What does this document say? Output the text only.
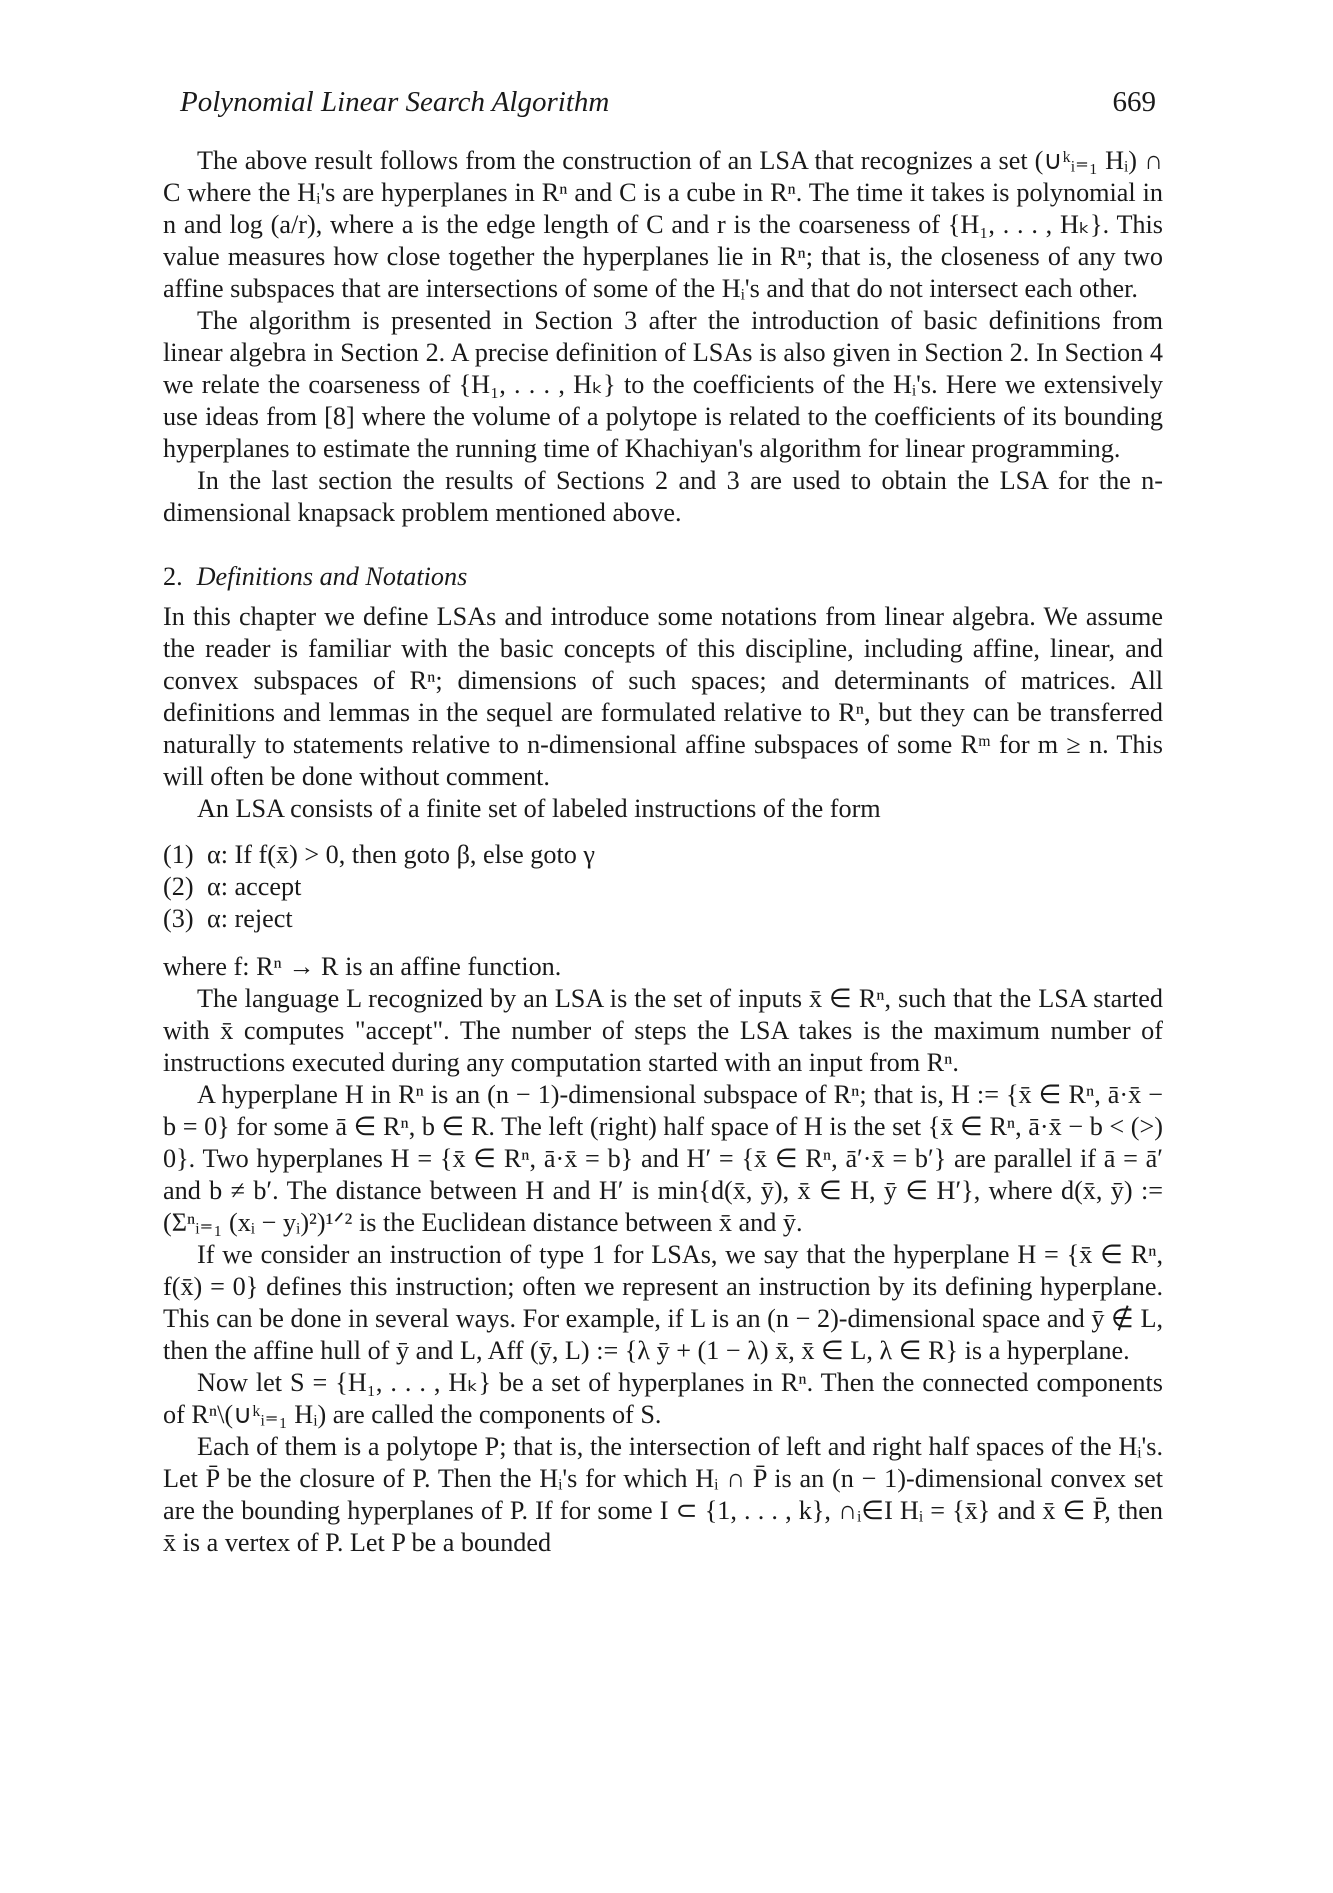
Polynomial Linear Search Algorithm	669

The above result follows from the construction of an LSA that recognizes a set (∪ᵏᵢ₌₁ Hᵢ) ∩ C where the Hᵢ's are hyperplanes in Rⁿ and C is a cube in Rⁿ. The time it takes is polynomial in n and log (a/r), where a is the edge length of C and r is the coarseness of {H₁, . . . , Hₖ}. This value measures how close together the hyperplanes lie in Rⁿ; that is, the closeness of any two affine subspaces that are intersections of some of the Hᵢ's and that do not intersect each other.

The algorithm is presented in Section 3 after the introduction of basic definitions from linear algebra in Section 2. A precise definition of LSAs is also given in Section 2. In Section 4 we relate the coarseness of {H₁, . . . , Hₖ} to the coefficients of the Hᵢ's. Here we extensively use ideas from [8] where the volume of a polytope is related to the coefficients of its bounding hyperplanes to estimate the running time of Khachiyan's algorithm for linear programming.

In the last section the results of Sections 2 and 3 are used to obtain the LSA for the n-dimensional knapsack problem mentioned above.

2. Definitions and Notations

In this chapter we define LSAs and introduce some notations from linear algebra. We assume the reader is familiar with the basic concepts of this discipline, including affine, linear, and convex subspaces of Rⁿ; dimensions of such spaces; and determinants of matrices. All definitions and lemmas in the sequel are formulated relative to Rⁿ, but they can be transferred naturally to statements relative to n-dimensional affine subspaces of some Rᵐ for m ≥ n. This will often be done without comment.

An LSA consists of a finite set of labeled instructions of the form

(1) α: If f(x̄) > 0, then goto β, else goto γ
(2) α: accept
(3) α: reject

where f: Rⁿ → R is an affine function.

The language L recognized by an LSA is the set of inputs x̄ ∈ Rⁿ, such that the LSA started with x̄ computes "accept". The number of steps the LSA takes is the maximum number of instructions executed during any computation started with an input from Rⁿ.

A hyperplane H in Rⁿ is an (n − 1)-dimensional subspace of Rⁿ; that is, H := {x̄ ∈ Rⁿ, ā·x̄ − b = 0} for some ā ∈ Rⁿ, b ∈ R. The left (right) half space of H is the set {x̄ ∈ Rⁿ, ā·x̄ − b < (>) 0}. Two hyperplanes H = {x̄ ∈ Rⁿ, ā·x̄ = b} and H′ = {x̄ ∈ Rⁿ, ā′·x̄ = b′} are parallel if ā = ā′ and b ≠ b′. The distance between H and H′ is min{d(x̄, ȳ), x̄ ∈ H, ȳ ∈ H′}, where d(x̄, ȳ) := (Σⁿᵢ₌₁ (xᵢ − yᵢ)²)¹ᐟ² is the Euclidean distance between x̄ and ȳ.

If we consider an instruction of type 1 for LSAs, we say that the hyperplane H = {x̄ ∈ Rⁿ, f(x̄) = 0} defines this instruction; often we represent an instruction by its defining hyperplane. This can be done in several ways. For example, if L is an (n − 2)-dimensional space and ȳ ∉ L, then the affine hull of ȳ and L, Aff (ȳ, L) := {λ ȳ + (1 − λ) x̄, x̄ ∈ L, λ ∈ R} is a hyperplane.

Now let S = {H₁, . . . , Hₖ} be a set of hyperplanes in Rⁿ. Then the connected components of Rⁿ\(∪ᵏᵢ₌₁ Hᵢ) are called the components of S.

Each of them is a polytope P; that is, the intersection of left and right half spaces of the Hᵢ's. Let P̄ be the closure of P. Then the Hᵢ's for which Hᵢ ∩ P̄ is an (n − 1)-dimensional convex set are the bounding hyperplanes of P. If for some I ⊂ {1, . . . , k}, ∩ᵢ∈I Hᵢ = {x̄} and x̄ ∈ P̄, then x̄ is a vertex of P. Let P be a bounded
